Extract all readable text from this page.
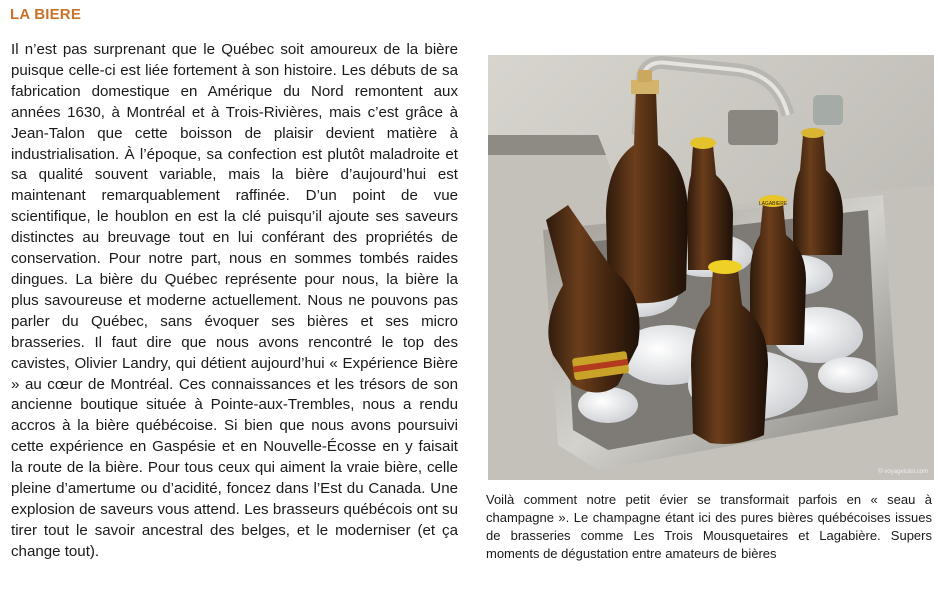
LA BIERE

Il n’est pas surprenant que le Québec soit amoureux de la bière puisque celle-ci est liée fortement à son histoire. Les débuts de sa fabrication domestique en Amérique du Nord remontent aux années 1630, à Montréal et à Trois-Rivières, mais c’est grâce à Jean-Talon que cette boisson de plaisir devient matière à industrialisation. À l’époque, sa confection est plutôt maladroite et sa qualité souvent variable, mais la bière d’aujourd’hui est maintenant remarquablement raffinée. D’un point de vue scientifique, le houblon en est la clé puisqu’il ajoute ses saveurs distinctes au breuvage tout en lui conférant des propriétés de conservation. Pour notre part, nous en sommes tombés raides dingues. La bière du Québec représente pour nous, la bière la plus savoureuse et moderne actuellement. Nous ne pouvons pas parler du Québec, sans évoquer ses bières et ses micro brasseries. Il faut dire que nous avons rencontré le top des cavistes, Olivier Landry, qui détient aujourd’hui « Expérience Bière » au cœur de Montréal. Ces connaissances et les trésors de son ancienne boutique située à Pointe-aux-Trembles, nous a rendu accros à la bière québécoise. Si bien que nous avons poursuivi cette expérience en Gaspésie et en Nouvelle-Écosse en y faisait la route de la bière. Pour tous ceux qui aiment la vraie bière, celle pleine d’amertume ou d’acidité, foncez dans l’Est du Canada. Une explosion de saveurs vous attend. Les brasseurs québécois ont su tirer tout le savoir ancestral des belges, et le moderniser (et ça change tout).

LAGABIERE
© voyagetutoi.com

Voilà comment notre petit évier se transformait parfois en « seau à champagne ». Le champagne étant ici des pures bières québécoises issues de brasseries comme Les Trois Mousquetaires et Lagabière. Supers moments de dégustation entre amateurs de bières
